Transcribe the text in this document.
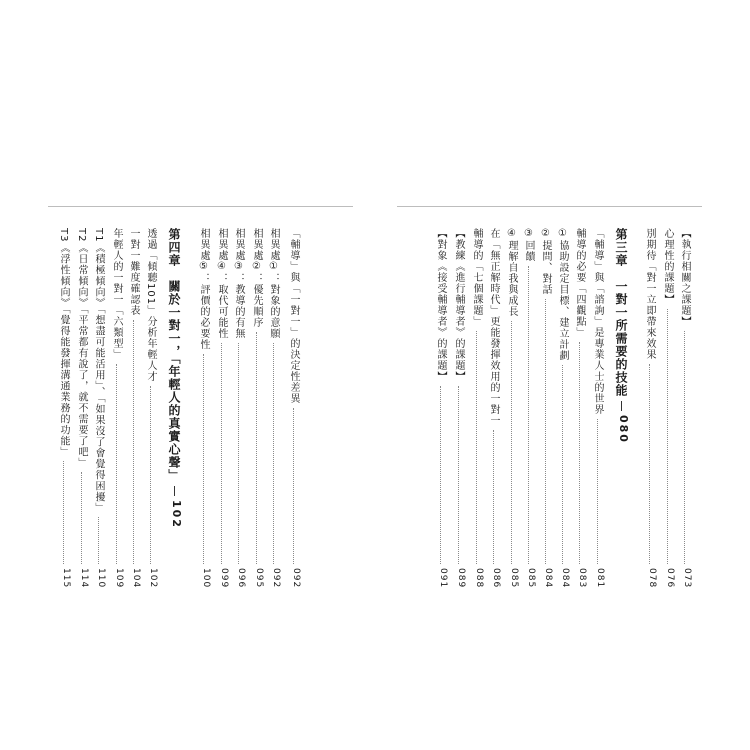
「輔導」與「一對一」的決定性差異
092
相異處①：對象的意願
092
相異處②：優先順序
095
相異處③：教導的有無
096
相異處④：取代可能性
099
相異處⑤：評價的必要性
100
第四章　關於一對一，「年輕人的真實心聲」
102
透過「傾聽101」分析年輕人才
102
一對一難度確認表
104
年輕人的一對一「六類型」
109
T1《積極傾向》「想盡可能活用」、「如果沒了會覺得困擾」
110
T2《日常傾向》「平常都有說了，就不需要了吧」
114
T3《浮性傾向》「覺得能發揮溝通業務的功能」
115
【執行相關之課題】
073
心理性的課題】
076
別期待「對一立即帶來效果
078
第三章　一對一所需要的技能
080
「輔導」與「諮詢」是專業人士的世界
081
輔導的必要「四觀點」
083
①協助設定目標、建立計劃
084
②提問、對話
084
③回饋
085
④理解自我與成長
085
在「無正解時代」更能發揮效用的一對一
086
輔導的「七個課題」
088
【教練《進行輔導者》的課題】
089
【對象《接受輔導者》的課題】
091
